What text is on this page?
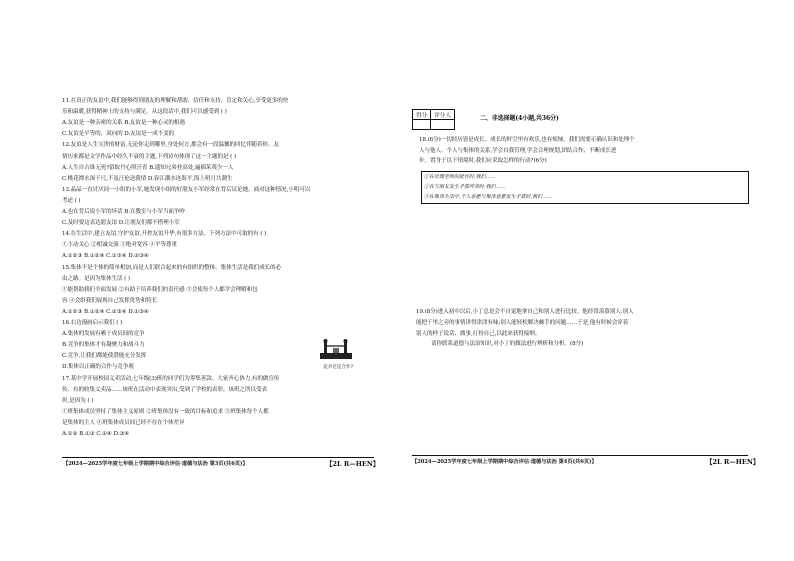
11.在真正的友谊中,我们能够得到朋友的理解和帮助、信任和支持、肯定和关心,享受更多的快
乐和温暖,获得精神上的支持与满足。从这段话中,我们可以感受到 ( )
A.友谊是一种亲密的关系 B.友谊是一种心灵的相遇
C.友谊是平等的、双向的 D.友谊是一成不变的
12.友谊是人生宝贵的财富,无论你走到哪里,身处何方,都会有一段温馨的回忆伴随着你。友
情历来都是文学作品中经久不衰的主题,下列诗句体现了这一主题的是 ( )
A.人生自古谁无死?留取丹心照汗青 B.遥知兄弟登高处,遍插茱萸少一人
C.桃花潭水深千尺,不及汪伦送我情 D.春江潮水连海平,海上明月共潮生
13.晶晶一直讨厌同一小组的小军,她发现小组的好朋友小军经常在背后议论她。面对这种情况,小明可以
考虑 ( )
A.也在背后说小军的坏话 B.在教室与小军当面争吵
C.及时要这表达愿友谊 D.让朋友们都不搭理小军
14.在生活中,建立友谊,守护友谊,开控友谊升华,有很多方法。下列方法中可取的有 ( )
①主动关心 ②相诚交流 ③绝对宽容 ④平等尊重
A.①②③ B.①②④ C.①③④ D.②③④
15.集体不是个体的简单相加,而是人们联合起来的有组织的整体。集体生活是我们成长的必
由之路。是因为集体生活 ( )
①能帮助我们全面发展 ②有助于培养我们的责任感 ③会使每个人都学会理解和包
容 ④会组我们展现自己发挥优势和特长
A.①②③ B.①②④ C.②③④ D.①③④
16.右边漫画启示我们 ( )
A.集体的发展有赖于成员间的竞争
B.竞争的集体才有凝聚力和战斗力
C.竞争,让我们都能使潜能充分发挥
D.集体以正确的合作与竞争观
17.某中学开展校园义卖活动,七年级(3)班的同学们为筹集善款、大家齐心协力,有的做宣传
传、有的收集义卖品……该班在活动中表现突出,受到了学校的表彰。该班之所以受表
彰,是因为 ( )
①班集体成员坚持了集体主义原则 ②班集体没有一致的目标和追求 ③班集体每个人都
是集体的主人 ④班集体成员间已经不存在个体差异
A.①② B.①③ C.②④ D.③④
竞争还是合作?
【2024—2025学年度七年级上学期期中综合评估·道德与法治 第3页(共6页)】	【2L R—HEN】
得分	评分人
		二、非选择题(4小题,共36分)
18.(6分)一切经历皆是成长。成长的时空里有欢乐,也有烦恼。我们需要正确认识和处理个
人与他人、个人与集体的关系,学会自我管理,学会合理规划,团结合作、不断成长进
步。置身于以下情境时,我们应采取怎样的行动?(6分)
①在处理老师的批评时,我们……
②在与朋友发生矛盾冲突时,我们……
③在集体生活中,个人意愿与集体意愿发生矛盾时,我们……
19.(8分)进入初中以后,小丁总是会不自觉地拿自己和别人进行比较。他经常羡慕别人:别人
能把千里之旁的事情讲得津津有味;别人能轻松解决棘手的问题……于是,他有时候会穿着
别人的样子说话、做事,打扮自己,以此来获得接纳。
请你联系道德与法治知识,对小丁的做法进行辨析和分析。(8分)
【2024—2025学年度七年级上学期期中综合评估·道德与法治 第4页(共6页)】	【2L R—HEN】
